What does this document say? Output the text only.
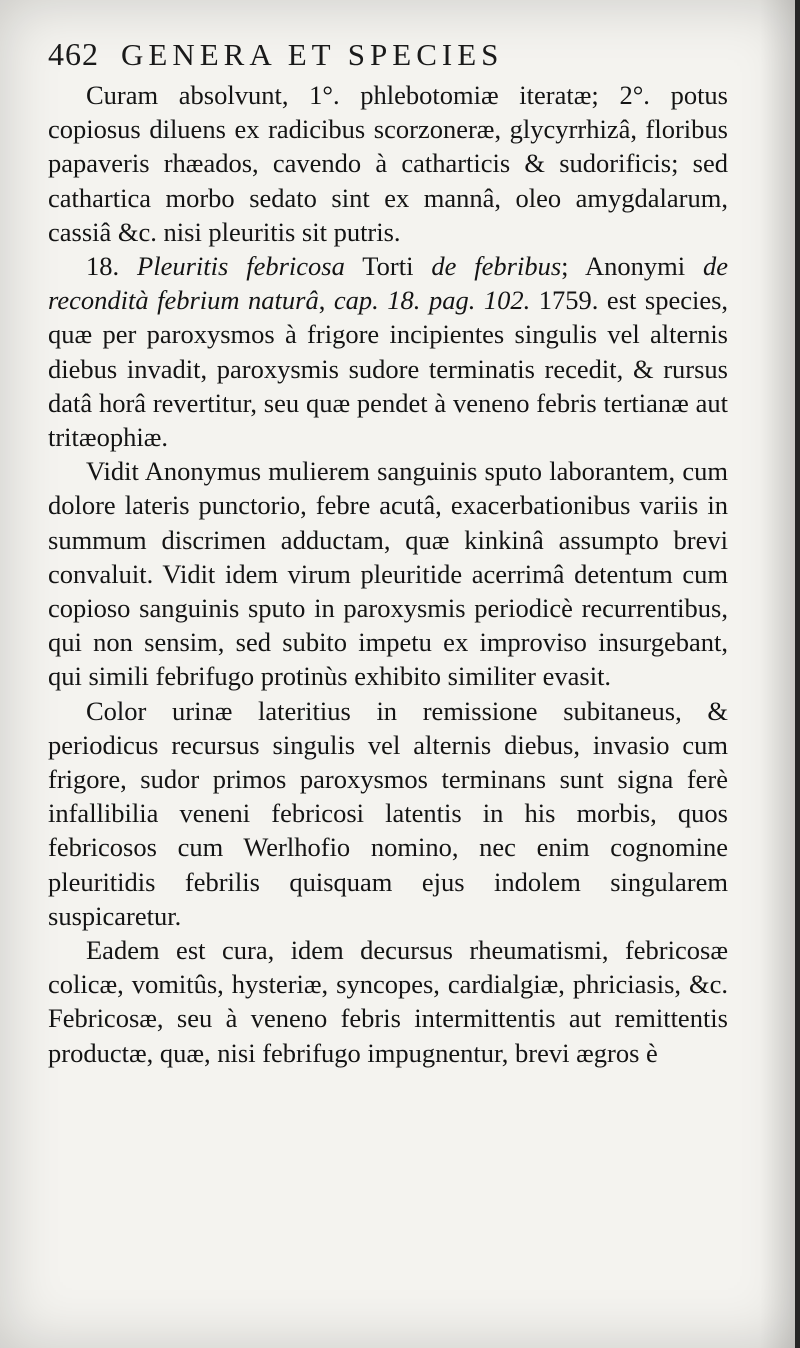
462 GENERA ET SPECIES

Curam absolvunt, 1°. phlebotomiæ iteratæ; 2°. potus copiosus diluens ex radicibus scorzoneræ, glycyrrhizâ, floribus papaveris rhæados, cavendo à catharticis & sudorificis; sed cathartica morbo sedato sint ex mannâ, oleo amygdalarum, cassiâ &c. nisi pleuritis sit putris.

18. Pleuritis febricosa Torti de febribus; Anonymi de recondità febrium naturâ, cap. 18. pag. 102. 1759. est species, quæ per paroxysmos à frigore incipientes singulis vel alternis diebus invadit, paroxysmis sudore terminatis recedit, & rursus datâ horâ revertitur, seu quæ pendet à veneno febris tertianæ aut tritæophiæ.

Vidit Anonymus mulierem sanguinis sputo laborantem, cum dolore lateris punctorio, febre acutâ, exacerbationibus variis in summum discrimen adductam, quæ kinkinâ assumpto brevi convaluit. Vidit idem virum pleuritide acerrimâ detentum cum copioso sanguinis sputo in paroxysmis periodicè recurrentibus, qui non sensim, sed subito impetu ex improviso insurgebant, qui simili febrifugo protinùs exhibito similiter evasit.

Color urinæ lateritius in remissione subitaneus, & periodicus recursus singulis vel alternis diebus, invasio cum frigore, sudor primos paroxysmos terminans sunt signa ferè infallibilia veneni febricosi latentis in his morbis, quos febricosos cum Werlhofio nomino, nec enim cognomine pleuritidis febrilis quisquam ejus indolem singularem suspicaretur.

Eadem est cura, idem decursus rheumatismi, febricosæ colicæ, vomitûs, hysteriæ, syncopes, cardialgiæ, phriciasis, &c. Febricosæ, seu à veneno febris intermittentis aut remittentis productæ, quæ, nisi febrifugo impugnentur, brevi ægros è
